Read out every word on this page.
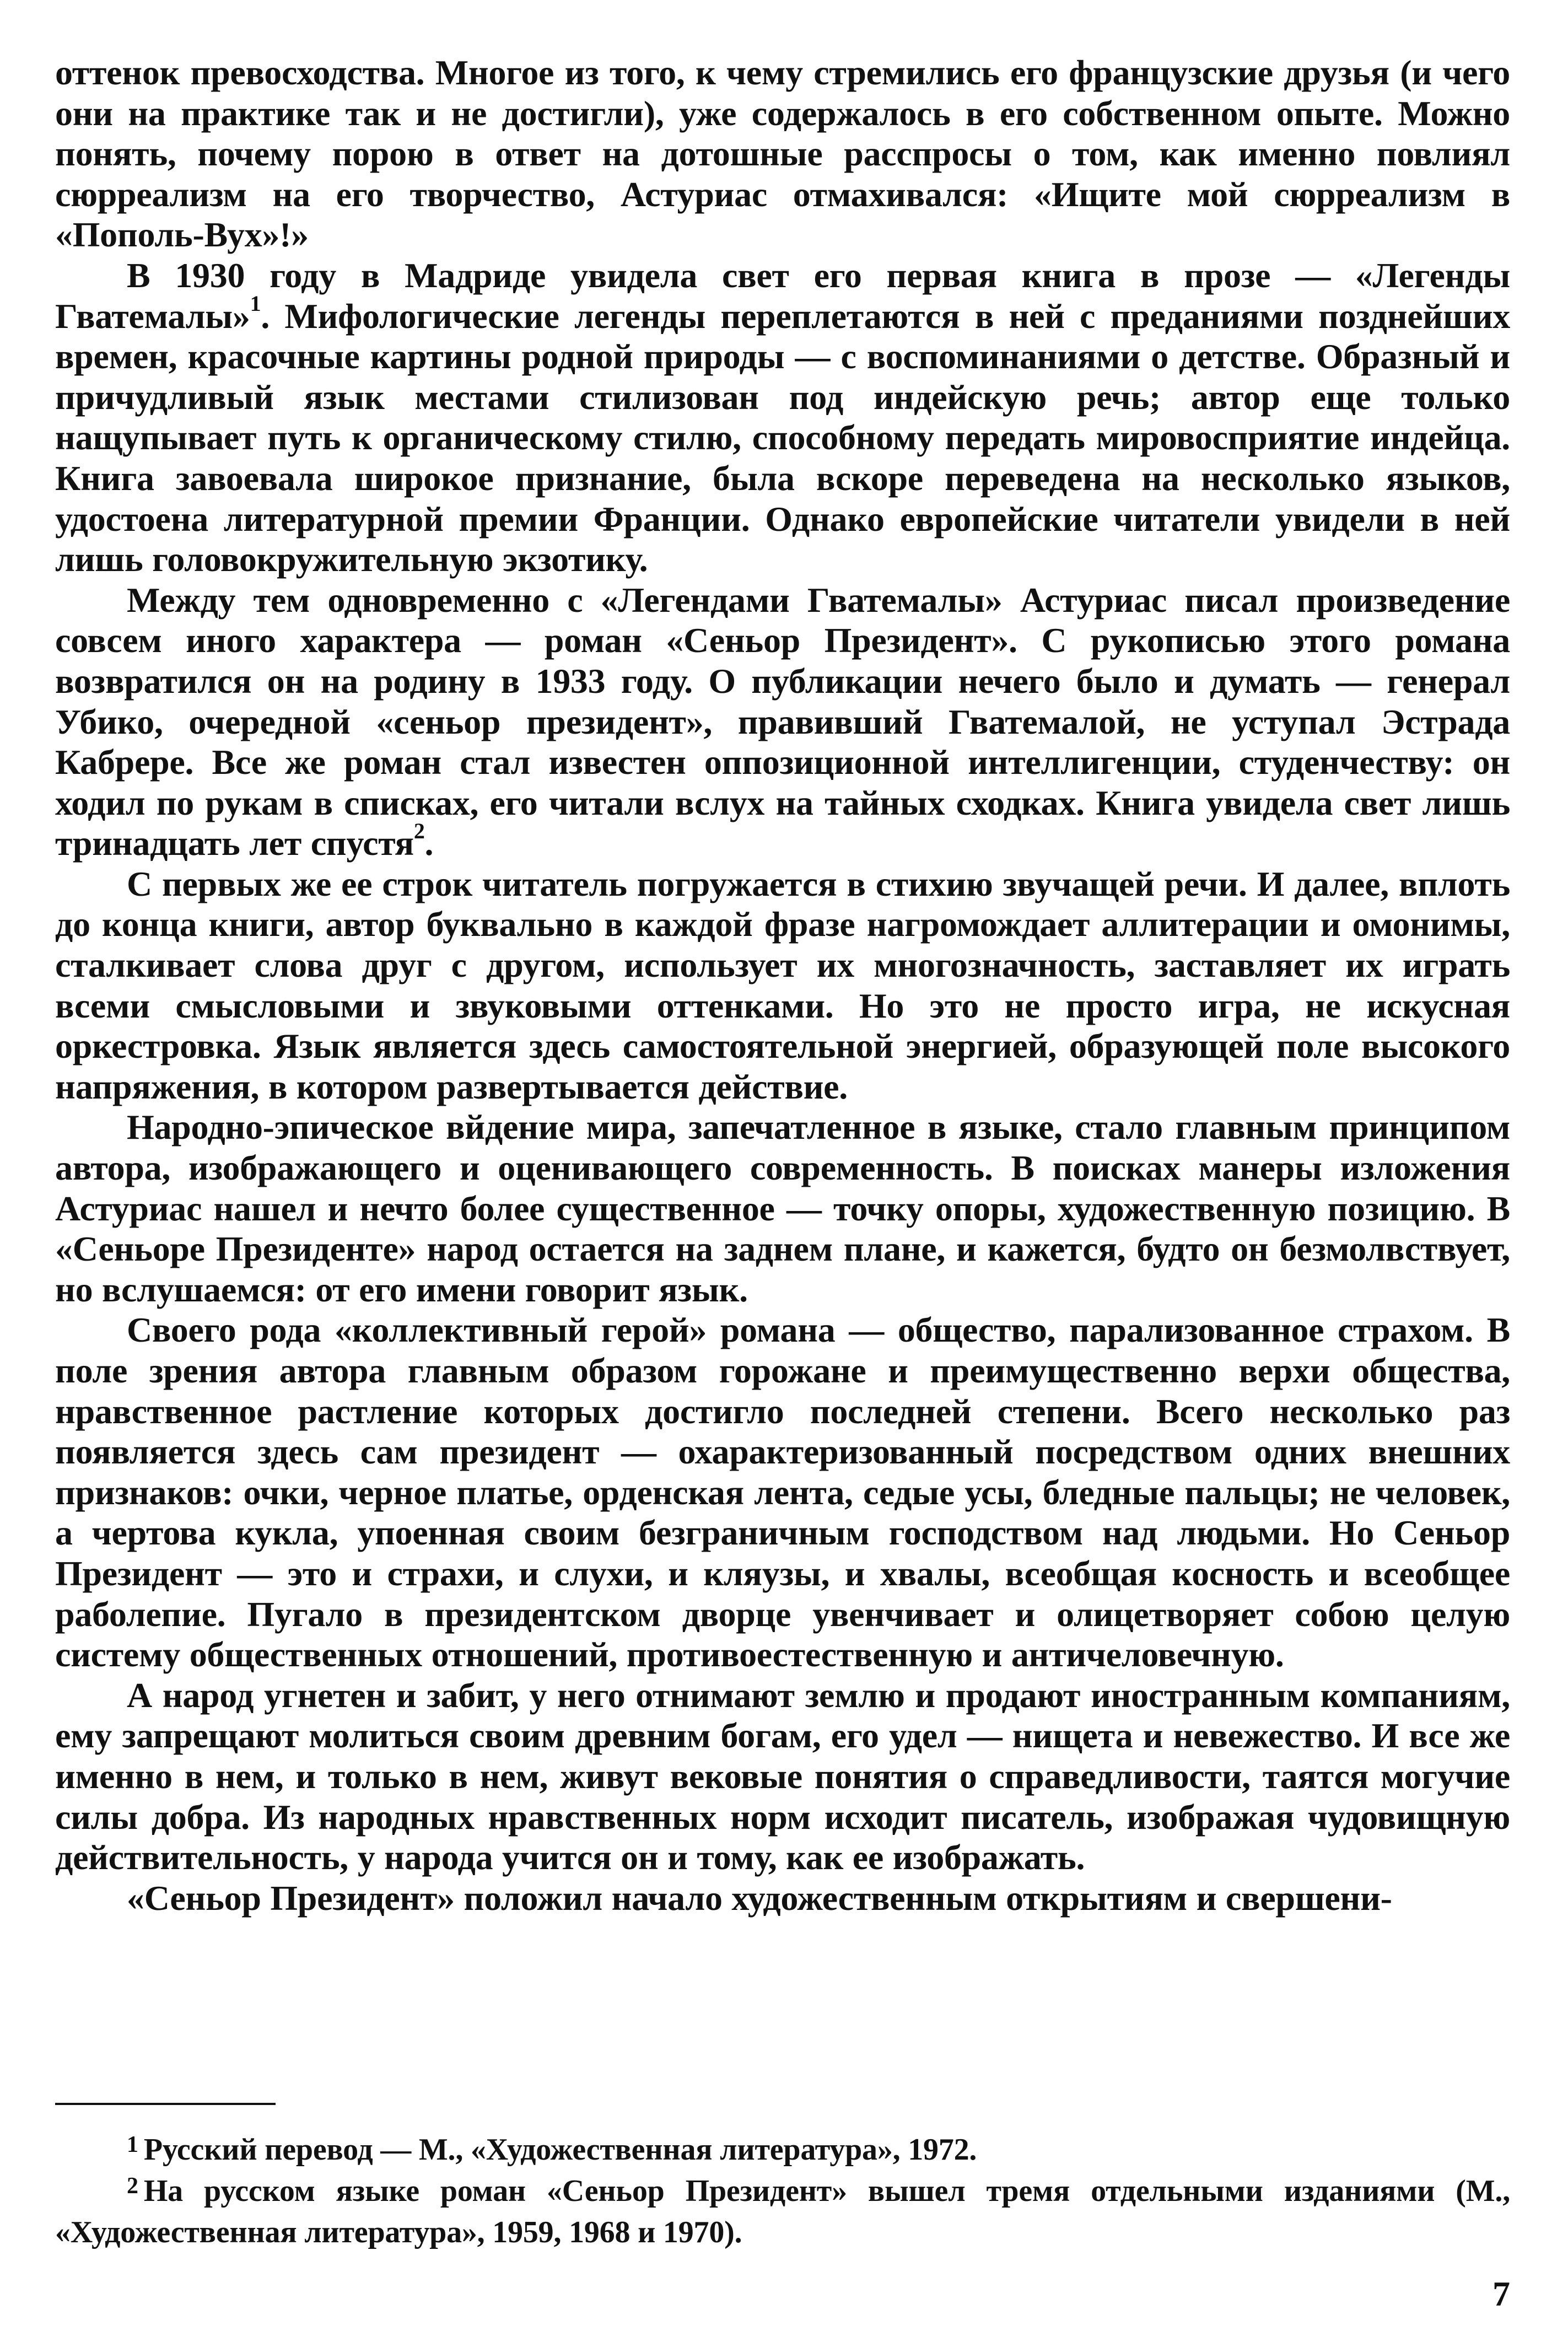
оттенок превосходства. Многое из того, к чему стремились его французские друзья (и чего они на практике так и не достигли), уже содержалось в его собственном опыте. Можно понять, почему порою в ответ на дотошные расспросы о том, как именно повлиял сюрреализм на его творчество, Астуриас отмахивался: «Ищите мой сюрреализм в «Пополь-Вух»!»

В 1930 году в Мадриде увидела свет его первая книга в прозе — «Легенды Гватемалы»$^1$. Мифологические легенды переплетаются в ней с преданиями позднейших времен, красочные картины родной природы — с воспоминаниями о детстве. Образный и причудливый язык местами стилизован под индейскую речь; автор еще только нащупывает путь к органическому стилю, способному передать мировосприятие индейца. Книга завоевала широкое признание, была вскоре переведена на несколько языков, удостоена литературной премии Франции. Однако европейские читатели увидели в ней лишь головокружительную экзотику.

Между тем одновременно с «Легендами Гватемалы» Астуриас писал произведение совсем иного характера — роман «Сеньор Президент». С рукописью этого романа возвратился он на родину в 1933 году. О публикации нечего было и думать — генерал Убико, очередной «сеньор президент», правивший Гватемалой, не уступал Эстрада Кабрере. Все же роман стал известен оппозиционной интеллигенции, студенчеству: он ходил по рукам в списках, его читали вслух на тайных сходках. Книга увидела свет лишь тринадцать лет спустя$^2$.

С первых же ее строк читатель погружается в стихию звучащей речи. И далее, вплоть до конца книги, автор буквально в каждой фразе нагромождает аллитерации и омонимы, сталкивает слова друг с другом, использует их многозначность, заставляет их играть всеми смысловыми и звуковыми оттенками. Но это не просто игра, не искусная оркестровка. Язык является здесь самостоятельной энергией, образующей поле высокого напряжения, в котором развертывается действие.

Народно-эпическое вйдение мира, запечатленное в языке, стало главным принципом автора, изображающего и оценивающего современность. В поисках манеры изложения Астуриас нашел и нечто более существенное — точку опоры, художественную позицию. В «Сеньоре Президенте» народ остается на заднем плане, и кажется, будто он безмолвствует, но вслушаемся: от его имени говорит язык.

Своего рода «коллективный герой» романа — общество, парализованное страхом. В поле зрения автора главным образом горожане и преимущественно верхи общества, нравственное растление которых достигло последней степени. Всего несколько раз появляется здесь сам президент — охарактеризованный посредством одних внешних признаков: очки, черное платье, орденская лента, седые усы, бледные пальцы; не человек, а чертова кукла, упоенная своим безграничным господством над людьми. Но Сеньор Президент — это и страхи, и слухи, и кляузы, и хвалы, всеобщая косность и всеобщее раболепие. Пугало в президентском дворце увенчивает и олицетворяет собою целую систему общественных отношений, противоестественную и античеловечную.

А народ угнетен и забит, у него отнимают землю и продают иностранным компаниям, ему запрещают молиться своим древним богам, его удел — нищета и невежество. И все же именно в нем, и только в нем, живут вековые понятия о справедливости, таятся могучие силы добра. Из народных нравственных норм исходит писатель, изображая чудовищную действительность, у народа учится он и тому, как ее изображать.

«Сеньор Президент» положил начало художественным открытиям и свершени-

$^1$ Русский перевод — М., «Художественная литература», 1972.

$^2$ На русском языке роман «Сеньор Президент» вышел тремя отдельными изданиями (М., «Художественная литература», 1959, 1968 и 1970).

7
